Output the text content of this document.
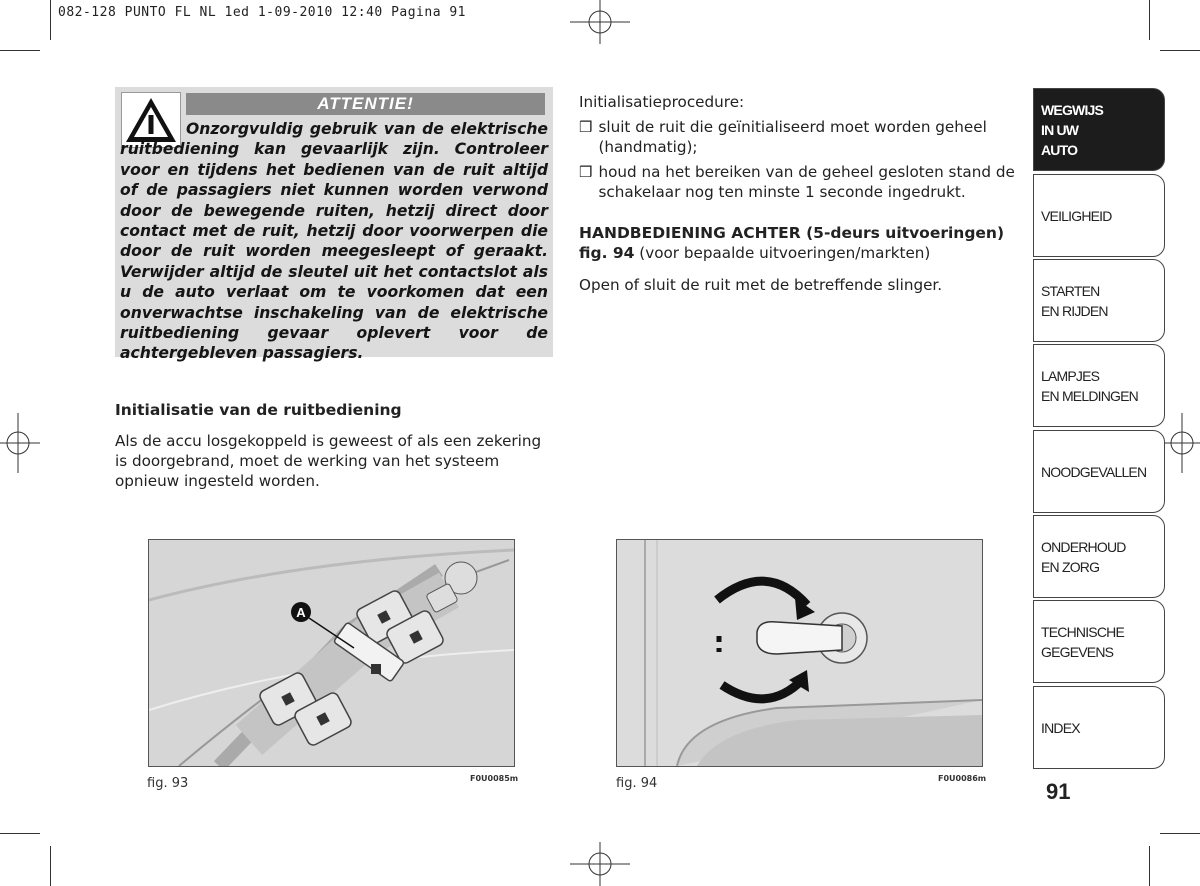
082-128 PUNTO FL NL 1ed 1-09-2010 12:40 Pagina 91
ATTENTIE!
Onzorgvuldig gebruik van de elektrische ruitbediening kan gevaarlijk zijn. Controleer voor en tijdens het bedienen van de ruit altijd of de passagiers niet kunnen worden verwond door de bewegende ruiten, hetzij direct door contact met de ruit, hetzij door voorwerpen die door de ruit worden meegesleept of geraakt. Verwijder altijd de sleutel uit het contactslot als u de auto verlaat om te voorkomen dat een onverwachtse inschakeling van de elektrische ruitbediening gevaar oplevert voor de achtergebleven passagiers.
Initialisatie van de ruitbediening
Als de accu losgekoppeld is geweest of als een zekering is doorgebrand, moet de werking van het systeem opnieuw ingesteld worden.
Initialisatieprocedure:
❒ sluit de ruit die geïnitialiseerd moet worden geheel (handmatig);
❒ houd na het bereiken van de geheel gesloten stand de schakelaar nog ten minste 1 seconde ingedrukt.
HANDBEDIENING ACHTER (5-deurs uitvoeringen)
fig. 94 (voor bepaalde uitvoeringen/markten)
Open of sluit de ruit met de betreffende slinger.
A
fig. 93	F0U0085m	fig. 94	F0U0086m
WEGWIJS
IN UW
AUTO
VEILIGHEID
STARTEN
EN RIJDEN
LAMPJES
EN MELDINGEN
NOODGEVALLEN
ONDERHOUD
EN ZORG
TECHNISCHE
GEGEVENS
INDEX
91
